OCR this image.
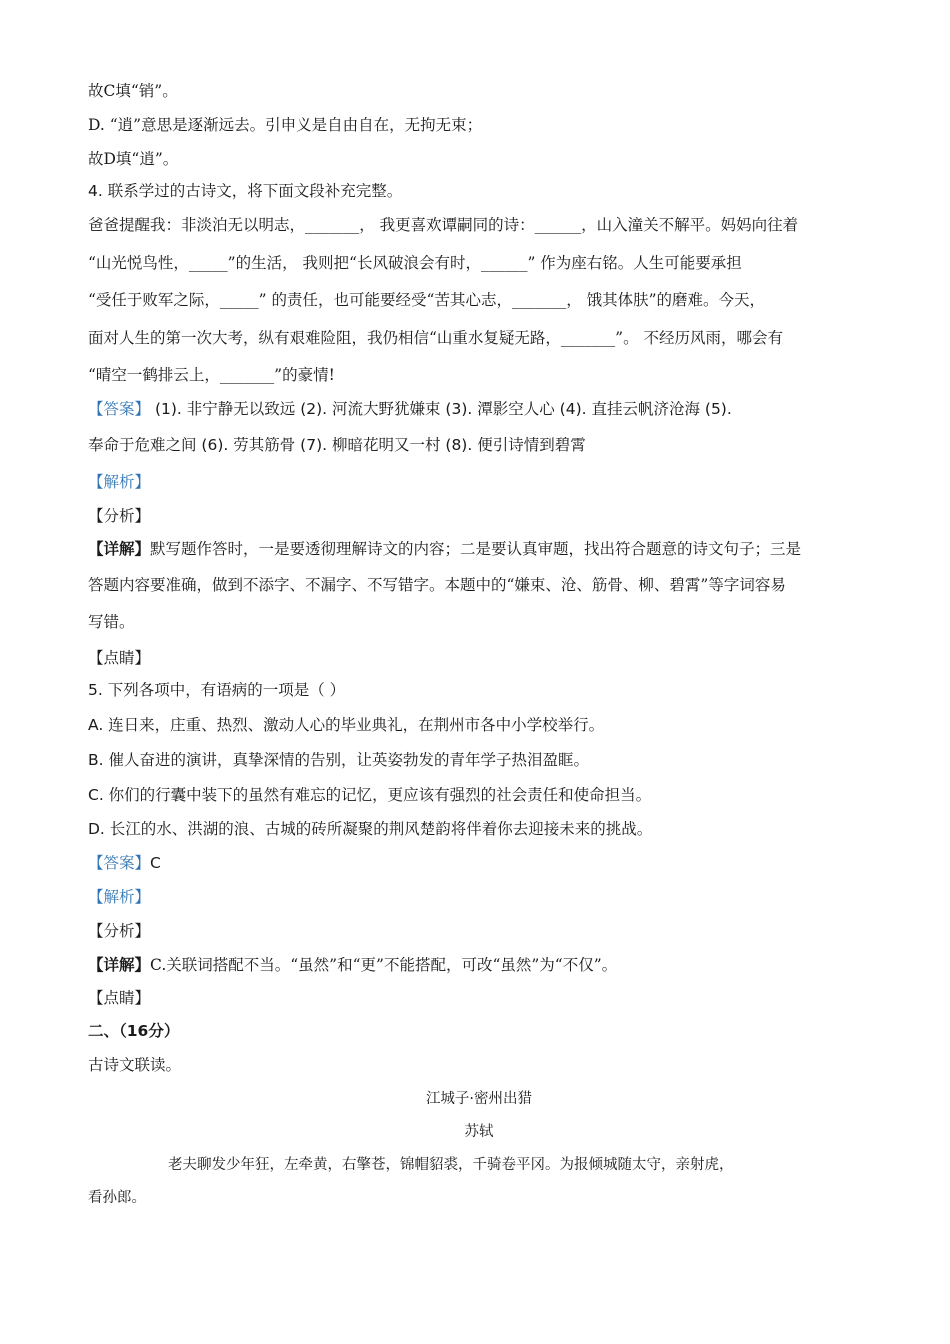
故C填“销”。
D. “逍”意思是逐渐远去。引申义是自由自在，无拘无束；
故D填“逍”。
4. 联系学过的古诗文，将下面文段补充完整。
爸爸提醒我：非淡泊无以明志，_______， 我更喜欢谭嗣同的诗：______，山入潼关不解平。妈妈向往着
“山光悦鸟性，_____”的生活， 我则把“长风破浪会有时，______” 作为座右铭。人生可能要承担
“受任于败军之际，_____” 的责任，也可能要经受“苦其心志，_______， 饿其体肤”的磨难。今天，
面对人生的第一次大考，纵有艰难险阻，我仍相信“山重水复疑无路，_______”。 不经历风雨，哪会有
“晴空一鹤排云上，_______”的豪情!
【答案】 (1). 非宁静无以致远 (2). 河流大野犹嫌束 (3). 潭影空人心 (4). 直挂云帆济沧海 (5).
奉命于危难之间 (6). 劳其筋骨 (7). 柳暗花明又一村 (8). 便引诗情到碧霄
【解析】
【分析】
【详解】默写题作答时，一是要透彻理解诗文的内容；二是要认真审题，找出符合题意的诗文句子；三是
答题内容要准确，做到不添字、不漏字、不写错字。本题中的“嫌束、沧、筋骨、柳、碧霄”等字词容易
写错。
【点睛】
5. 下列各项中，有语病的一项是（ ）
A. 连日来，庄重、热烈、激动人心的毕业典礼，在荆州市各中小学校举行。
B. 催人奋进的演讲，真挚深情的告别，让英姿勃发的青年学子热泪盈眶。
C. 你们的行囊中装下的虽然有难忘的记忆，更应该有强烈的社会责任和使命担当。
D. 长江的水、洪湖的浪、古城的砖所凝聚的荆风楚韵将伴着你去迎接未来的挑战。
【答案】C
【解析】
【分析】
【详解】C.关联词搭配不当。“虽然”和“更”不能搭配，可改“虽然”为“不仅”。
【点睛】
二、（16分）
古诗文联读。
江城子·密州出猎
苏轼
老夫聊发少年狂，左牵黄，右擎苍，锦帽貂裘，千骑卷平冈。为报倾城随太守，亲射虎，
看孙郎。
